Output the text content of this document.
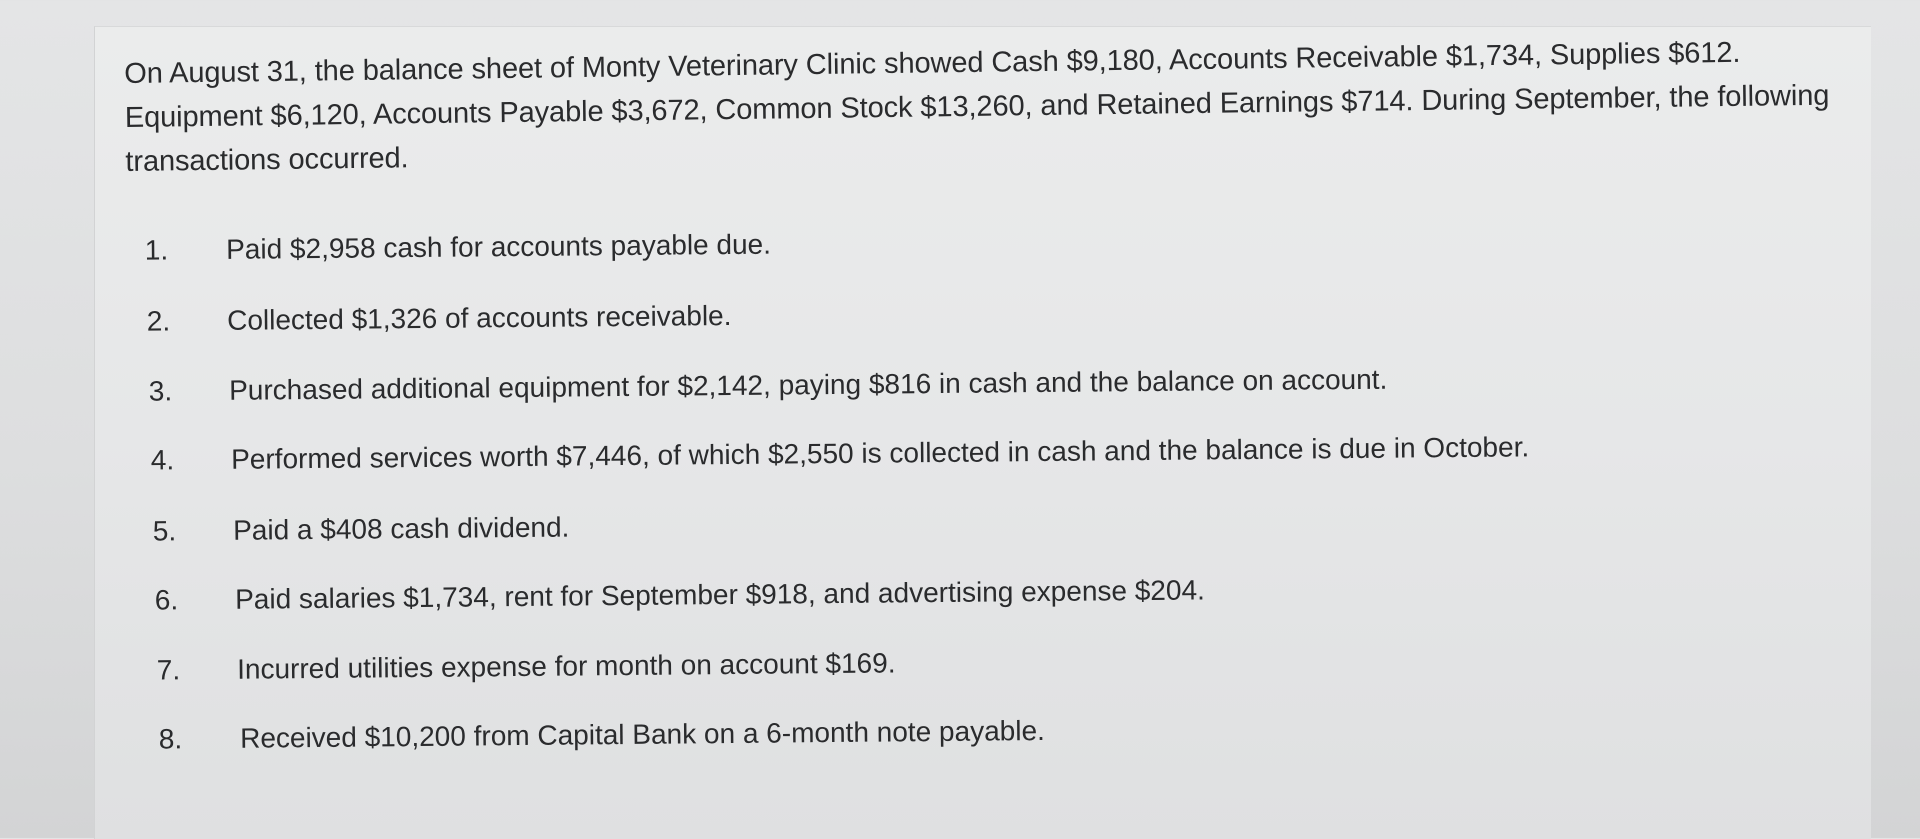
On August 31, the balance sheet of Monty Veterinary Clinic showed Cash $9,180, Accounts Receivable $1,734, Supplies $612.
Equipment $6,120, Accounts Payable $3,672, Common Stock $13,260, and Retained Earnings $714. During September, the following
transactions occurred.
1. Paid $2,958 cash for accounts payable due.
2. Collected $1,326 of accounts receivable.
3. Purchased additional equipment for $2,142, paying $816 in cash and the balance on account.
4. Performed services worth $7,446, of which $2,550 is collected in cash and the balance is due in October.
5. Paid a $408 cash dividend.
6. Paid salaries $1,734, rent for September $918, and advertising expense $204.
7. Incurred utilities expense for month on account $169.
8. Received $10,200 from Capital Bank on a 6-month note payable.
